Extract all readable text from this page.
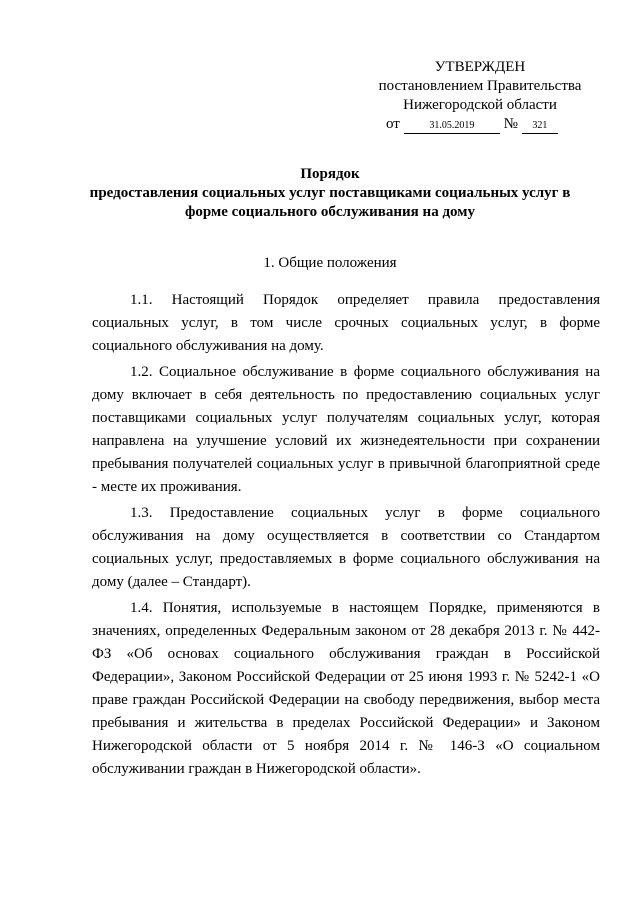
УТВЕРЖДЕН
постановлением Правительства
Нижегородской области
от	31.05.2019 № 321
Порядок
предоставления социальных услуг поставщиками социальных услуг в форме социального обслуживания на дому
1. Общие положения

1.1. Настоящий Порядок определяет правила предоставления социальных услуг, в том числе срочных социальных услуг, в форме социального обслуживания на дому.

1.2. Социальное обслуживание в форме социального обслуживания на дому включает в себя деятельность по предоставлению социальных услуг поставщиками социальных услуг получателям социальных услуг, которая направлена на улучшение условий их жизнедеятельности при сохранении пребывания получателей социальных услуг в привычной благоприятной среде - месте их проживания.

1.3. Предоставление социальных услуг в форме социального обслуживания на дому осуществляется в соответствии со Стандартом социальных услуг, предоставляемых в форме социального обслуживания на дому (далее – Стандарт).

1.4. Понятия, используемые в настоящем Порядке, применяются в значениях, определенных Федеральным законом от 28 декабря 2013 г. № 442-ФЗ «Об основах социального обслуживания граждан в Российской Федерации», Законом Российской Федерации от 25 июня 1993 г. № 5242-1 «О праве граждан Российской Федерации на свободу передвижения, выбор места пребывания и жительства в пределах Российской Федерации» и Законом Нижегородской области от 5 ноября 2014 г. № 146-З «О социальном обслуживании граждан в Нижегородской области».
